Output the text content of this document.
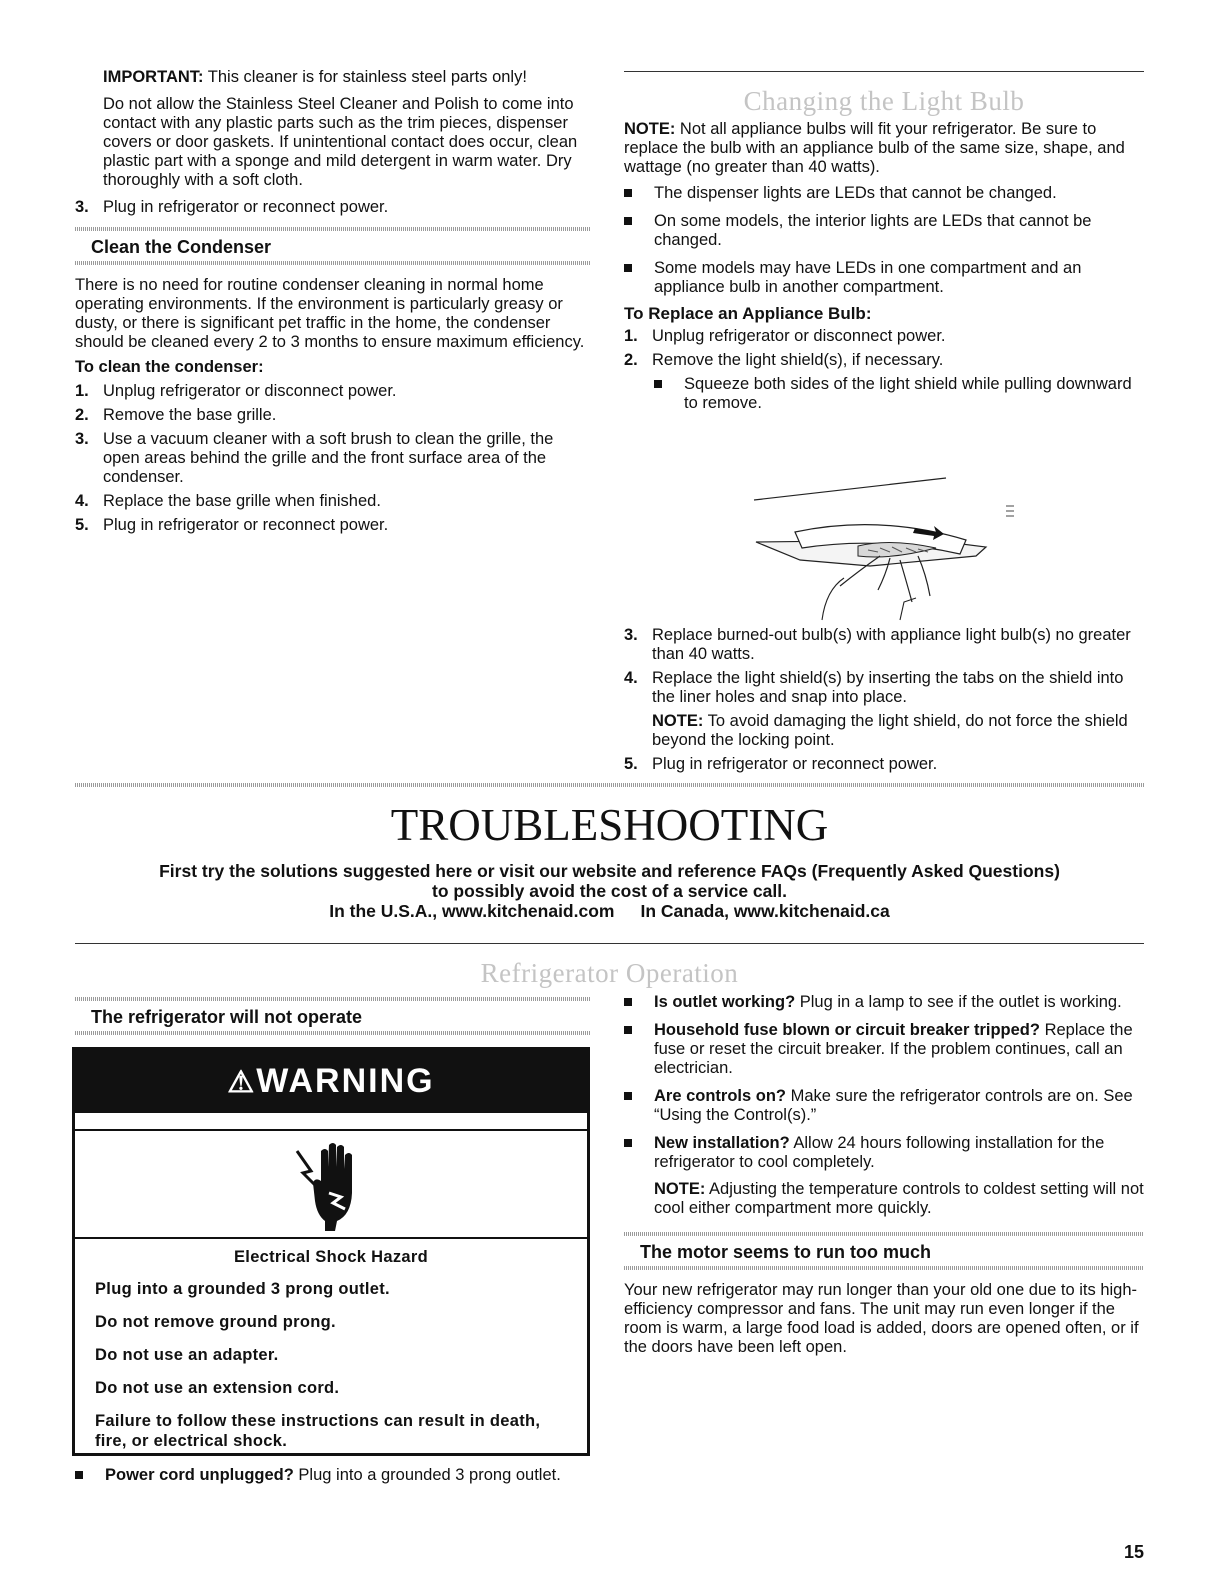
IMPORTANT: This cleaner is for stainless steel parts only!

Do not allow the Stainless Steel Cleaner and Polish to come into contact with any plastic parts such as the trim pieces, dispenser covers or door gaskets. If unintentional contact does occur, clean plastic part with a sponge and mild detergent in warm water. Dry thoroughly with a soft cloth.

3. Plug in refrigerator or reconnect power.
Clean the Condenser

There is no need for routine condenser cleaning in normal home operating environments. If the environment is particularly greasy or dusty, or there is significant pet traffic in the home, the condenser should be cleaned every 2 to 3 months to ensure maximum efficiency.

To clean the condenser:

1. Unplug refrigerator or disconnect power.
2. Remove the base grille.
3. Use a vacuum cleaner with a soft brush to clean the grille, the open areas behind the grille and the front surface area of the condenser.
4. Replace the base grille when finished.
5. Plug in refrigerator or reconnect power.
Changing the Light Bulb

NOTE: Not all appliance bulbs will fit your refrigerator. Be sure to replace the bulb with an appliance bulb of the same size, shape, and wattage (no greater than 40 watts).

The dispenser lights are LEDs that cannot be changed.
On some models, the interior lights are LEDs that cannot be changed.
Some models may have LEDs in one compartment and an appliance bulb in another compartment.

To Replace an Appliance Bulb:

1. Unplug refrigerator or disconnect power.
2. Remove the light shield(s), if necessary.
Squeeze both sides of the light shield while pulling downward to remove.
3. Replace burned-out bulb(s) with appliance light bulb(s) no greater than 40 watts.
4. Replace the light shield(s) by inserting the tabs on the shield into the liner holes and snap into place.

NOTE: To avoid damaging the light shield, do not force the shield beyond the locking point.

5. Plug in refrigerator or reconnect power.
TROUBLESHOOTING
First try the solutions suggested here or visit our website and reference FAQs (Frequently Asked Questions)
to possibly avoid the cost of a service call.
In the U.S.A., www.kitchenaid.com In Canada, www.kitchenaid.ca
Refrigerator Operation
The refrigerator will not operate
⚠WARNING
Electrical Shock Hazard

Plug into a grounded 3 prong outlet.

Do not remove ground prong.

Do not use an adapter.

Do not use an extension cord.

Failure to follow these instructions can result in death, fire, or electrical shock.

Power cord unplugged? Plug into a grounded 3 prong outlet.
Is outlet working? Plug in a lamp to see if the outlet is working.
Household fuse blown or circuit breaker tripped? Replace the fuse or reset the circuit breaker. If the problem continues, call an electrician.
Are controls on? Make sure the refrigerator controls are on. See “Using the Control(s).”
New installation? Allow 24 hours following installation for the refrigerator to cool completely.

NOTE: Adjusting the temperature controls to coldest setting will not cool either compartment more quickly.

The motor seems to run too much

Your new refrigerator may run longer than your old one due to its high-efficiency compressor and fans. The unit may run even longer if the room is warm, a large food load is added, doors are opened often, or if the doors have been left open.

15
